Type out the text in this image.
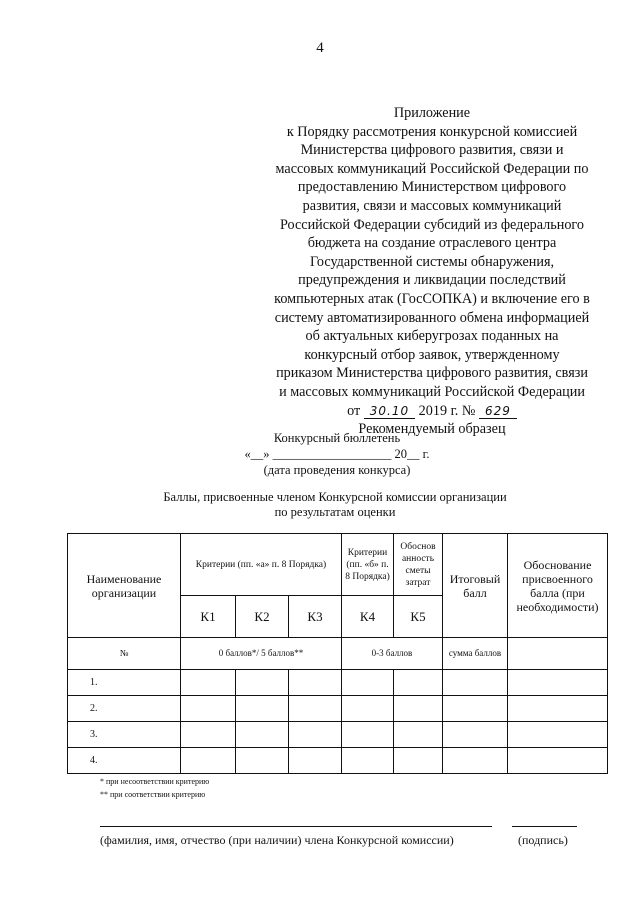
4
Приложение
к Порядку рассмотрения конкурсной комиссией
Министерства цифрового развития, связи и
массовых коммуникаций Российской Федерации по
предоставлению Министерством цифрового
развития, связи и массовых коммуникаций
Российской Федерации субсидий из федерального
бюджета на создание отраслевого центра
Государственной системы обнаружения,
предупреждения и ликвидации последствий
компьютерных атак (ГосСОПКА) и включение его в
систему автоматизированного обмена информацией
об актуальных киберугрозах поданных на
конкурсный отбор заявок, утвержденному
приказом Министерства цифрового развития, связи
и массовых коммуникаций Российской Федерации
от 30.10 2019 г. № 629
Рекомендуемый образец
Конкурсный бюллетень
«__» ___________________ 20__ г.
(дата проведения конкурса)
Баллы, присвоенные членом Конкурсной комиссии организации
по результатам оценки
Наименование организации	Критерии (пп. «а» п. 8 Порядка)			Критерии (пп. «б» п. 8 Порядка)	Обоснов анность сметы затрат	Итоговый балл	Обоснование присвоенного балла (при необходимости)
	К1	К2	К3	К4	К5		
№	0 баллов*/ 5 баллов**			0-3 баллов		сумма баллов	
1.							
2.							
3.							
4.							
* при несоответствии критерию
** при соответствии критерию
(фамилия, имя, отчество (при наличии) члена Конкурсной комиссии)	(подпись)
